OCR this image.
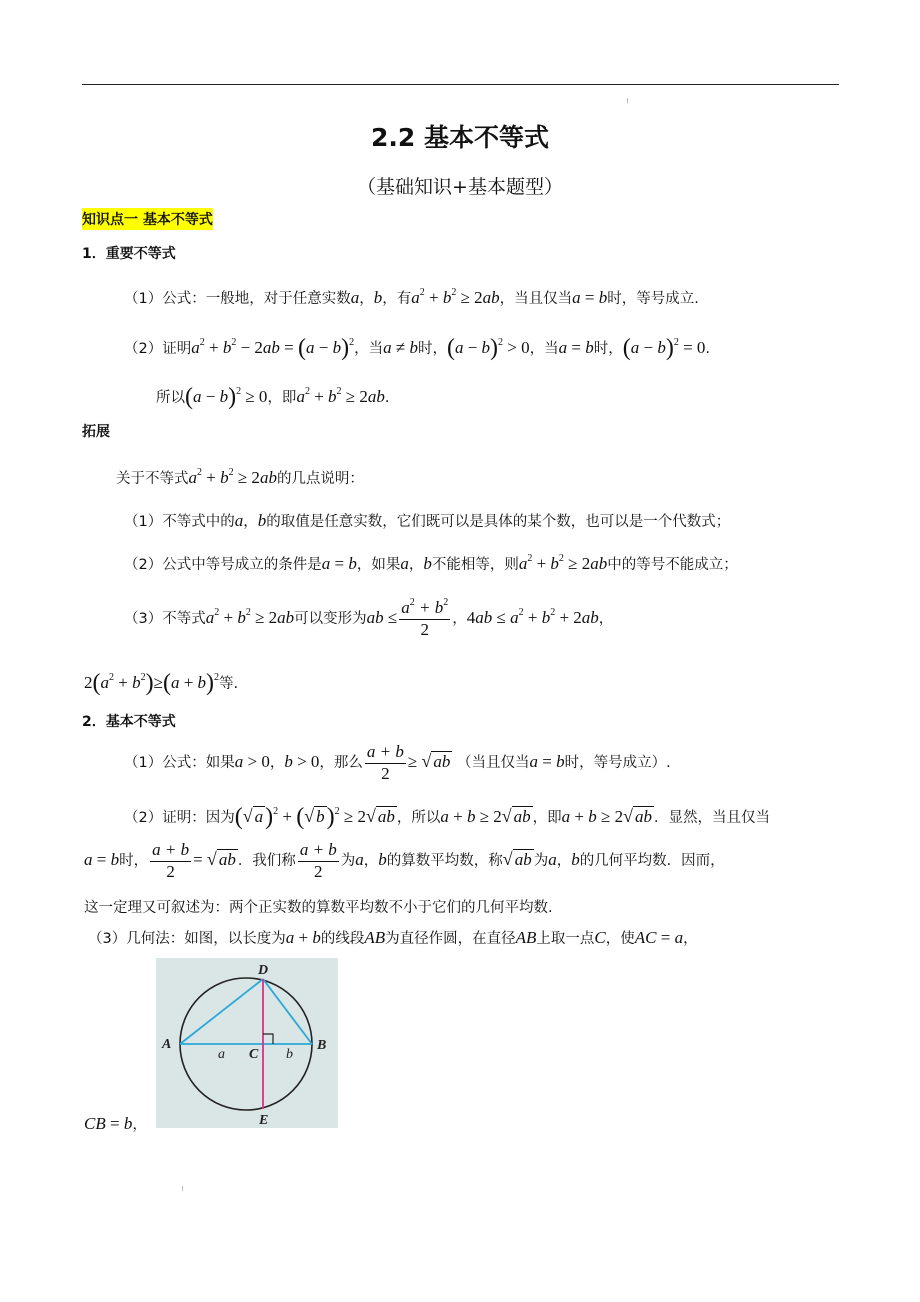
2.2 基本不等式
（基础知识+基本题型）
知识点一 基本不等式
1．重要不等式
（1）公式：一般地，对于任意实数a，b，有$a^2 + b^2 \ge 2ab$，当且仅当a = b时，等号成立.
（2）证明$a^2 + b^2 - 2ab = (a - b)^2$，当a ≠ b时，$(a - b)^2 > 0$，当a = b时，$(a - b)^2 = 0$.
所以$(a - b)^2 \ge 0$，即$a^2 + b^2 \ge 2ab$.
拓展
关于不等式$a^2 + b^2 \ge 2ab$的几点说明：
（1）不等式中的a，b的取值是任意实数，它们既可以是具体的某个数，也可以是一个代数式；
（2）公式中等号成立的条件是a = b，如果a，b不能相等，则$a^2 + b^2 \ge 2ab$中的等号不能成立；
（3）不等式$a^2 + b^2 \ge 2ab$可以变形为ab ≤ $\frac{a^2 + b^2}{2}$ ，$4ab \le a^2 + b^2 + 2ab$，
$2(a^2 + b^2)\ge(a + b)^2$等.
2．基本不等式
（1）公式：如果a > 0，b > 0，那么 $\frac{a + b}{2}$ ≥ √ ab （当且仅当a = b时，等号成立）.
（2）证明：因为(√ a)$^2$ + (√ b)$^2$ ≥ 2√ ab ，所以a + b ≥ 2√ ab ，即a + b ≥ 2√ ab ．显然，当且仅当
a = b时， $\frac{a + b}{2}$ = √ ab ．我们称 $\frac{a + b}{2}$ 为a，b的算数平均数，称√ ab 为a，b的几何平均数．因而，
这一定理又可叙述为：两个正实数的算数平均数不小于它们的几何平均数.
（3）几何法：如图，以长度为a + b的线段AB为直径作圆，在直径AB上取一点C，使AC = a，
D
A
C
B
E
a	b
CB = b，
